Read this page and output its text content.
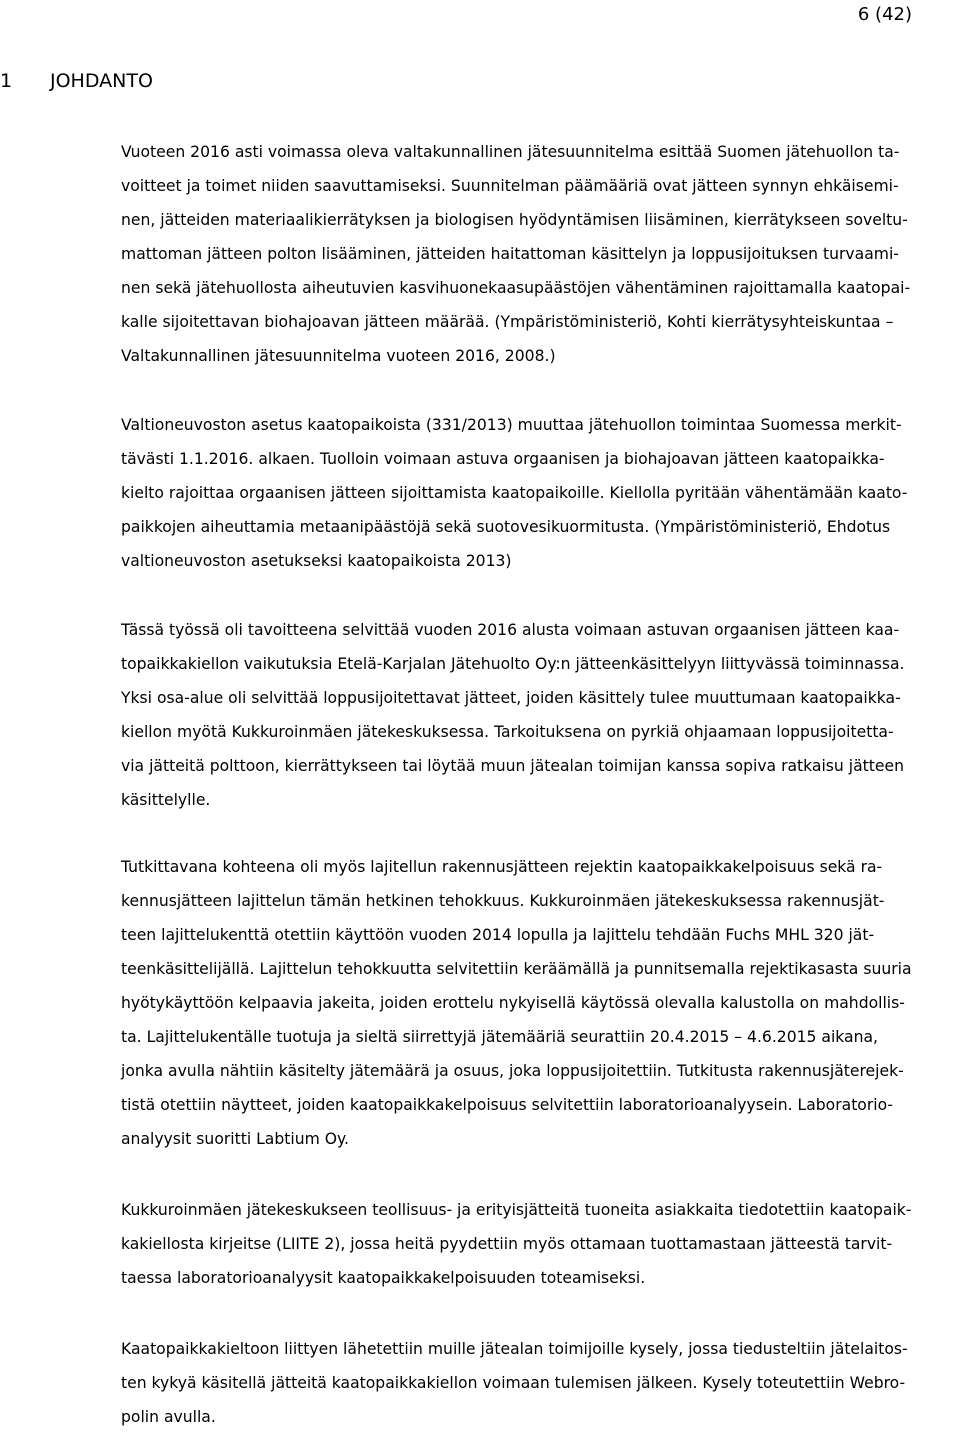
6 (42)
1 JOHDANTO
Vuoteen 2016 asti voimassa oleva valtakunnallinen jätesuunnitelma esittää Suomen jätehuollon ta-
voitteet ja toimet niiden saavuttamiseksi. Suunnitelman päämääriä ovat jätteen synnyn ehkäisemi-
nen, jätteiden materiaalikierrätyksen ja biologisen hyödyntämisen liisäminen, kierrätykseen soveltu-
mattoman jätteen polton lisääminen, jätteiden haitattoman käsittelyn ja loppusijoituksen turvaami-
nen sekä jätehuollosta aiheutuvien kasvihuonekaasupäästöjen vähentäminen rajoittamalla kaatopai-
kalle sijoitettavan biohajoavan jätteen määrää. (Ympäristöministeriö, Kohti kierrätysyhteiskuntaa –
Valtakunnallinen jätesuunnitelma vuoteen 2016, 2008.)
Valtioneuvoston asetus kaatopaikoista (331/2013) muuttaa jätehuollon toimintaa Suomessa merkit-
tävästi 1.1.2016. alkaen. Tuolloin voimaan astuva orgaanisen ja biohajoavan jätteen kaatopaikka-
kielto rajoittaa orgaanisen jätteen sijoittamista kaatopaikoille. Kiellolla pyritään vähentämään kaato-
paikkojen aiheuttamia metaanipäästöjä sekä suotovesikuormitusta. (Ympäristöministeriö, Ehdotus
valtioneuvoston asetukseksi kaatopaikoista 2013)
Tässä työssä oli tavoitteena selvittää vuoden 2016 alusta voimaan astuvan orgaanisen jätteen kaa-
topaikkakiellon vaikutuksia Etelä-Karjalan Jätehuolto Oy:n jätteenkäsittelyyn liittyvässä toiminnassa.
Yksi osa-alue oli selvittää loppusijoitettavat jätteet, joiden käsittely tulee muuttumaan kaatopaikka-
kiellon myötä Kukkuroinmäen jätekeskuksessa. Tarkoituksena on pyrkiä ohjaamaan loppusijoitetta-
via jätteitä polttoon, kierrättykseen tai löytää muun jätealan toimijan kanssa sopiva ratkaisu jätteen
käsittelylle.
Tutkittavana kohteena oli myös lajitellun rakennusjätteen rejektin kaatopaikkakelpoisuus sekä ra-
kennusjätteen lajittelun tämän hetkinen tehokkuus. Kukkuroinmäen jätekeskuksessa rakennusjät-
teen lajittelukenttä otettiin käyttöön vuoden 2014 lopulla ja lajittelu tehdään Fuchs MHL 320 jät-
teenkäsittelijällä. Lajittelun tehokkuutta selvitettiin keräämällä ja punnitsemalla rejektikasasta suuria
hyötykäyttöön kelpaavia jakeita, joiden erottelu nykyisellä käytössä olevalla kalustolla on mahdollis-
ta. Lajittelukentälle tuotuja ja sieltä siirrettyjä jätemääriä seurattiin 20.4.2015 – 4.6.2015 aikana,
jonka avulla nähtiin käsitelty jätemäärä ja osuus, joka loppusijoitettiin. Tutkitusta rakennusjäterejek-
tistä otettiin näytteet, joiden kaatopaikkakelpoisuus selvitettiin laboratorioanalyysein. Laboratorio-
analyysit suoritti Labtium Oy.
Kukkuroinmäen jätekeskukseen teollisuus- ja erityisjätteitä tuoneita asiakkaita tiedotettiin kaatopaik-
kakiellosta kirjeitse (LIITE 2), jossa heitä pyydettiin myös ottamaan tuottamastaan jätteestä tarvit-
taessa laboratorioanalyysit kaatopaikkakelpoisuuden toteamiseksi.
Kaatopaikkakieltoon liittyen lähetettiin muille jätealan toimijoille kysely, jossa tiedusteltiin jätelaitos-
ten kykyä käsitellä jätteitä kaatopaikkakiellon voimaan tulemisen jälkeen. Kysely toteutettiin Webro-
polin avulla.
